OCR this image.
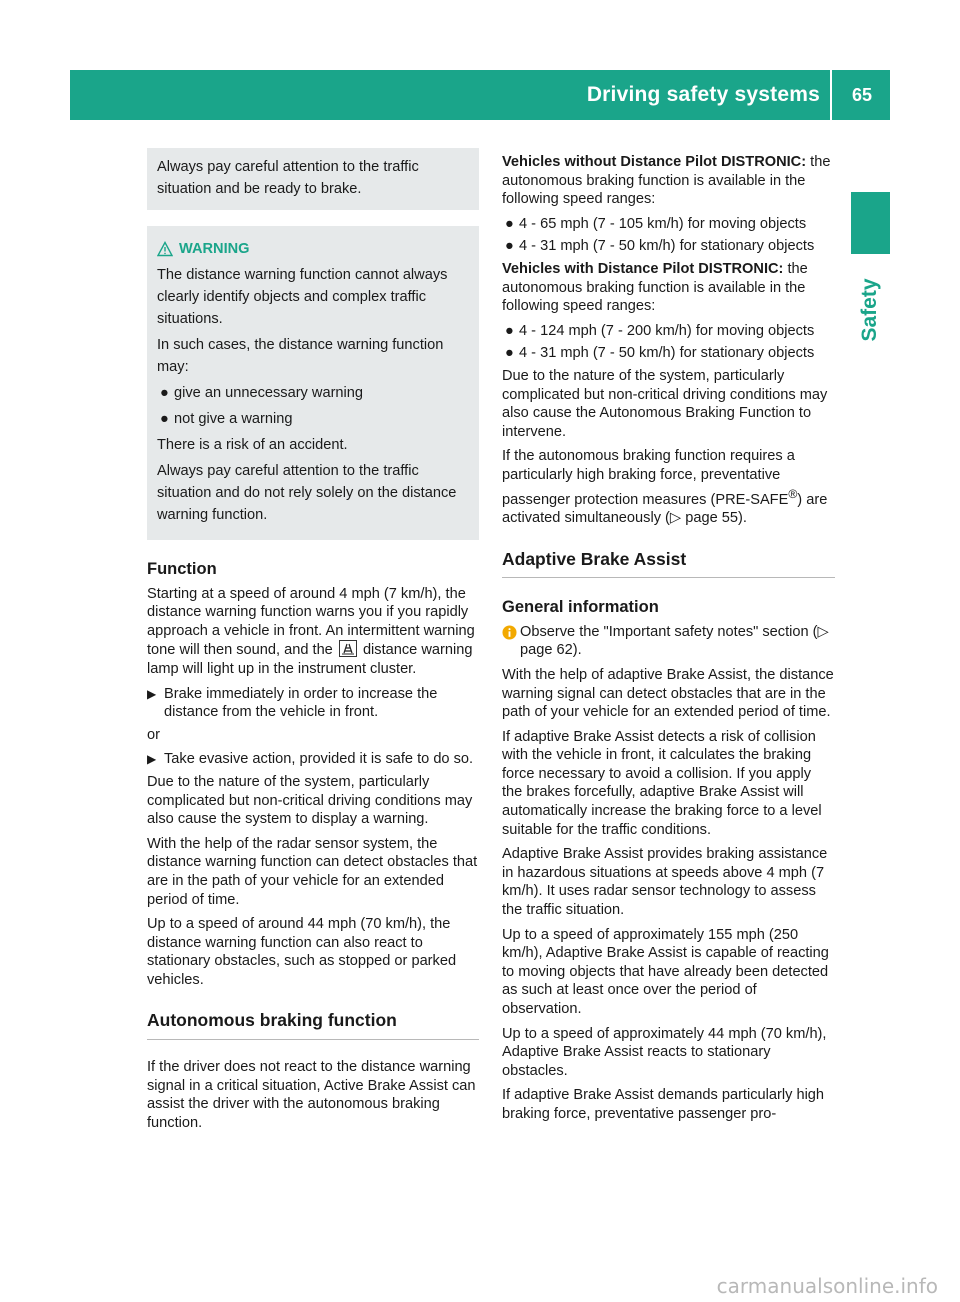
Driving safety systems 65
Safety
Always pay careful attention to the traffic situation and be ready to brake.
WARNING

The distance warning function cannot always clearly identify objects and complex traffic situations.

In such cases, the distance warning function may:

● give an unnecessary warning
● not give a warning

There is a risk of an accident.

Always pay careful attention to the traffic situation and do not rely solely on the distance warning function.

Function

Starting at a speed of around 4 mph (7 km/h), the distance warning function warns you if you rapidly approach a vehicle in front. An intermittent warning tone will then sound, and the distance warning lamp will light up in the instrument cluster.

▶ Brake immediately in order to increase the distance from the vehicle in front.

or

▶ Take evasive action, provided it is safe to do so.

Due to the nature of the system, particularly complicated but non-critical driving conditions may also cause the system to display a warning.

With the help of the radar sensor system, the distance warning function can detect obstacles that are in the path of your vehicle for an extended period of time.

Up to a speed of around 44 mph (70 km/h), the distance warning function can also react to stationary obstacles, such as stopped or parked vehicles.

Autonomous braking function

If the driver does not react to the distance warning signal in a critical situation, Active Brake Assist can assist the driver with the autonomous braking function.

Vehicles without Distance Pilot DISTRONIC: the autonomous braking function is available in the following speed ranges:

● 4 - 65 mph (7 - 105 km/h) for moving objects
● 4 - 31 mph (7 - 50 km/h) for stationary objects

Vehicles with Distance Pilot DISTRONIC: the autonomous braking function is available in the following speed ranges:

● 4 - 124 mph (7 - 200 km/h) for moving objects
● 4 - 31 mph (7 - 50 km/h) for stationary objects

Due to the nature of the system, particularly complicated but non-critical driving conditions may also cause the Autonomous Braking Function to intervene.

If the autonomous braking function requires a particularly high braking force, preventative passenger protection measures (PRE-SAFE®) are activated simultaneously (▷ page 55).

Adaptive Brake Assist
General information
Observe the "Important safety notes" section (▷ page 62).

With the help of adaptive Brake Assist, the distance warning signal can detect obstacles that are in the path of your vehicle for an extended period of time.

If adaptive Brake Assist detects a risk of collision with the vehicle in front, it calculates the braking force necessary to avoid a collision. If you apply the brakes forcefully, adaptive Brake Assist will automatically increase the braking force to a level suitable for the traffic conditions.

Adaptive Brake Assist provides braking assistance in hazardous situations at speeds above 4 mph (7 km/h). It uses radar sensor technology to assess the traffic situation.

Up to a speed of approximately 155 mph (250 km/h), Adaptive Brake Assist is capable of reacting to moving objects that have already been detected as such at least once over the period of observation.

Up to a speed of approximately 44 mph (70 km/h), Adaptive Brake Assist reacts to stationary obstacles.

If adaptive Brake Assist demands particularly high braking force, preventative passenger pro-

carmanualsonline.info
